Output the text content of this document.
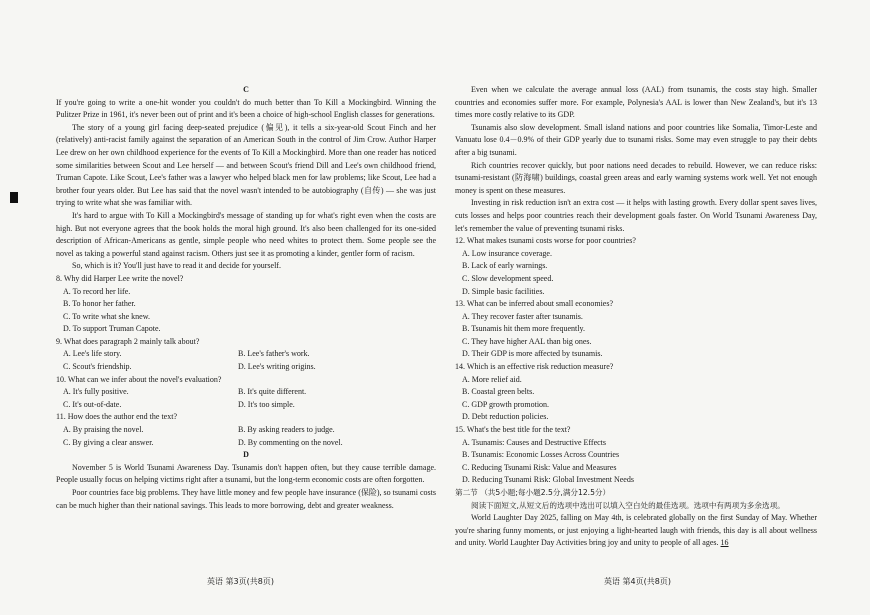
C

If you're going to write a one-hit wonder you couldn't do much better than To Kill a Mockingbird. Winning the Pulitzer Prize in 1961, it's never been out of print and it's been a choice of high-school English classes for generations.

The story of a young girl facing deep-seated prejudice (偏见), it tells a six-year-old Scout Finch and her (relatively) anti-racist family against the separation of an American South in the control of Jim Crow. Author Harper Lee drew on her own childhood experience for the events of To Kill a Mockingbird. More than one reader has noticed some similarities between Scout and Lee herself — and between Scout's friend Dill and Lee's own childhood friend, Truman Capote. Like Scout, Lee's father was a lawyer who helped black men for law problems; like Scout, Lee had a brother four years older. But Lee has said that the novel wasn't intended to be autobiography (自传) — she was just trying to write what she was familiar with.

It's hard to argue with To Kill a Mockingbird's message of standing up for what's right even when the costs are high. But not everyone agrees that the book holds the moral high ground. It's also been challenged for its one-sided description of African-Americans as gentle, simple people who need whites to protect them. Some people see the novel as taking a powerful stand against racism. Others just see it as promoting a kinder, gentler form of racism.

So, which is it? You'll just have to read it and decide for yourself.

8. Why did Harper Lee write the novel?
A. To record her life.
B. To honor her father.
C. To write what she knew.
D. To support Truman Capote.
9. What does paragraph 2 mainly talk about?
A. Lee's life story.	B. Lee's father's work.
C. Scout's friendship.	D. Lee's writing origins.
10. What can we infer about the novel's evaluation?
A. It's fully positive.	B. It's quite different.
C. It's out-of-date.	D. It's too simple.
11. How does the author end the text?
A. By praising the novel.	B. By asking readers to judge.
C. By giving a clear answer.	D. By commenting on the novel.
D

November 5 is World Tsunami Awareness Day. Tsunamis don't happen often, but they cause terrible damage. People usually focus on helping victims right after a tsunami, but the long-term economic costs are often forgotten.

Poor countries face big problems. They have little money and few people have insurance (保险), so tsunami costs can be much higher than their national savings. This leads to more borrowing, debt and greater weakness.

英语 第3页(共8页)

Even when we calculate the average annual loss (AAL) from tsunamis, the costs stay high. Smaller countries and economies suffer more. For example, Polynesia's AAL is lower than New Zealand's, but it's 13 times more costly relative to its GDP.

Tsunamis also slow development. Small island nations and poor countries like Somalia, Timor-Leste and Vanuatu lose 0.4－0.9% of their GDP yearly due to tsunami risks. Some may even struggle to pay their debts after a big tsunami.

Rich countries recover quickly, but poor nations need decades to rebuild. However, we can reduce risks: tsunami-resistant (防海啸) buildings, coastal green areas and early warning systems work well. Yet not enough money is spent on these measures.

Investing in risk reduction isn't an extra cost — it helps with lasting growth. Every dollar spent saves lives, cuts losses and helps poor countries reach their development goals faster. On World Tsunami Awareness Day, let's remember the value of preventing tsunami risks.

12. What makes tsunami costs worse for poor countries?
A. Low insurance coverage.
B. Lack of early warnings.
C. Slow development speed.
D. Simple basic facilities.
13. What can be inferred about small economies?
A. They recover faster after tsunamis.
B. Tsunamis hit them more frequently.
C. They have higher AAL than big ones.
D. Their GDP is more affected by tsunamis.
14. Which is an effective risk reduction measure?
A. More relief aid.
B. Coastal green belts.
C. GDP growth promotion.
D. Debt reduction policies.
15. What's the best title for the text?
A. Tsunamis: Causes and Destructive Effects
B. Tsunamis: Economic Losses Across Countries
C. Reducing Tsunami Risk: Value and Measures
D. Reducing Tsunami Risk: Global Investment Needs
第二节 （共5小题;每小题2.5分,满分12.5分）

阅读下面短文,从短文后的选项中选出可以填入空白处的最佳选项。选项中有两项为多余选项。

World Laughter Day 2025, falling on May 4th, is celebrated globally on the first Sunday of May. Whether you're sharing funny moments, or just enjoying a light-hearted laugh with friends, this day is all about wellness and unity. World Laughter Day Activities bring joy and unity to people of all ages. 16

英语 第4页(共8页)
